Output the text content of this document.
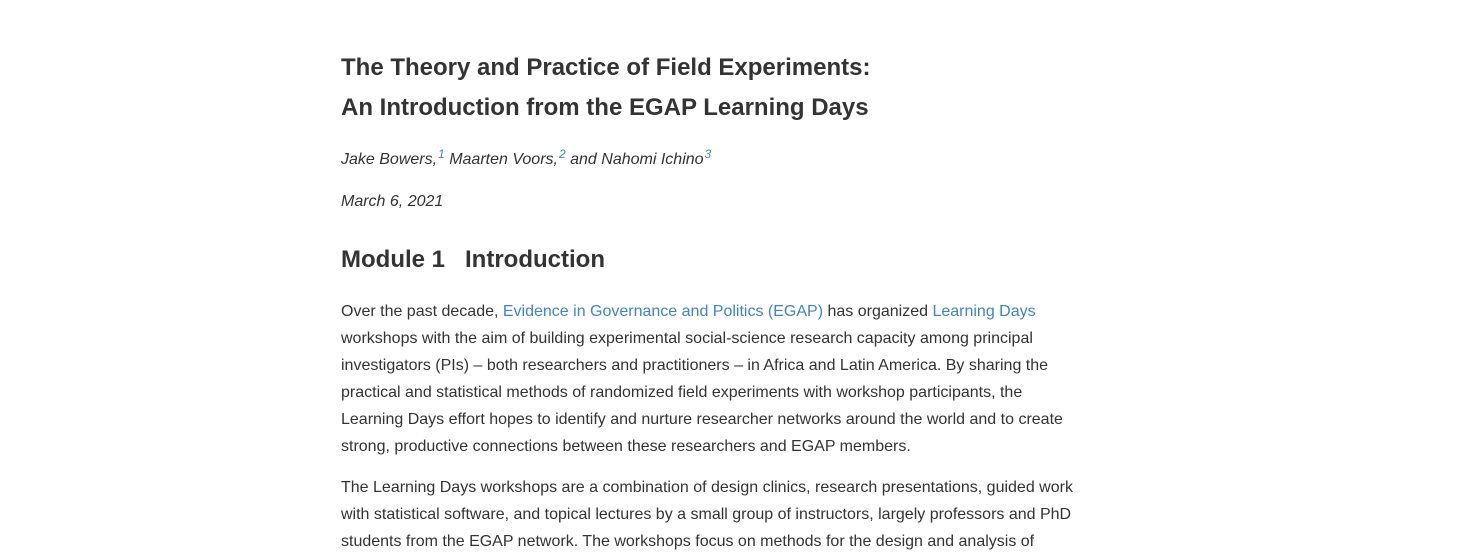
The Theory and Practice of Field Experiments:
An Introduction from the EGAP Learning Days
Jake Bowers,$^1$ Maarten Voors,$^2$ and Nahomi Ichino$^3$
March 6, 2021
Module 1 Introduction

Over the past decade, Evidence in Governance and Politics (EGAP) has organized Learning Days
workshops with the aim of building experimental social-science research capacity among principal
investigators (PIs) – both researchers and practitioners – in Africa and Latin America. By sharing the
practical and statistical methods of randomized field experiments with workshop participants, the
Learning Days effort hopes to identify and nurture researcher networks around the world and to create
strong, productive connections between these researchers and EGAP members.

The Learning Days workshops are a combination of design clinics, research presentations, guided work
with statistical software, and topical lectures by a small group of instructors, largely professors and PhD
students from the EGAP network. The workshops focus on methods for the design and analysis of
